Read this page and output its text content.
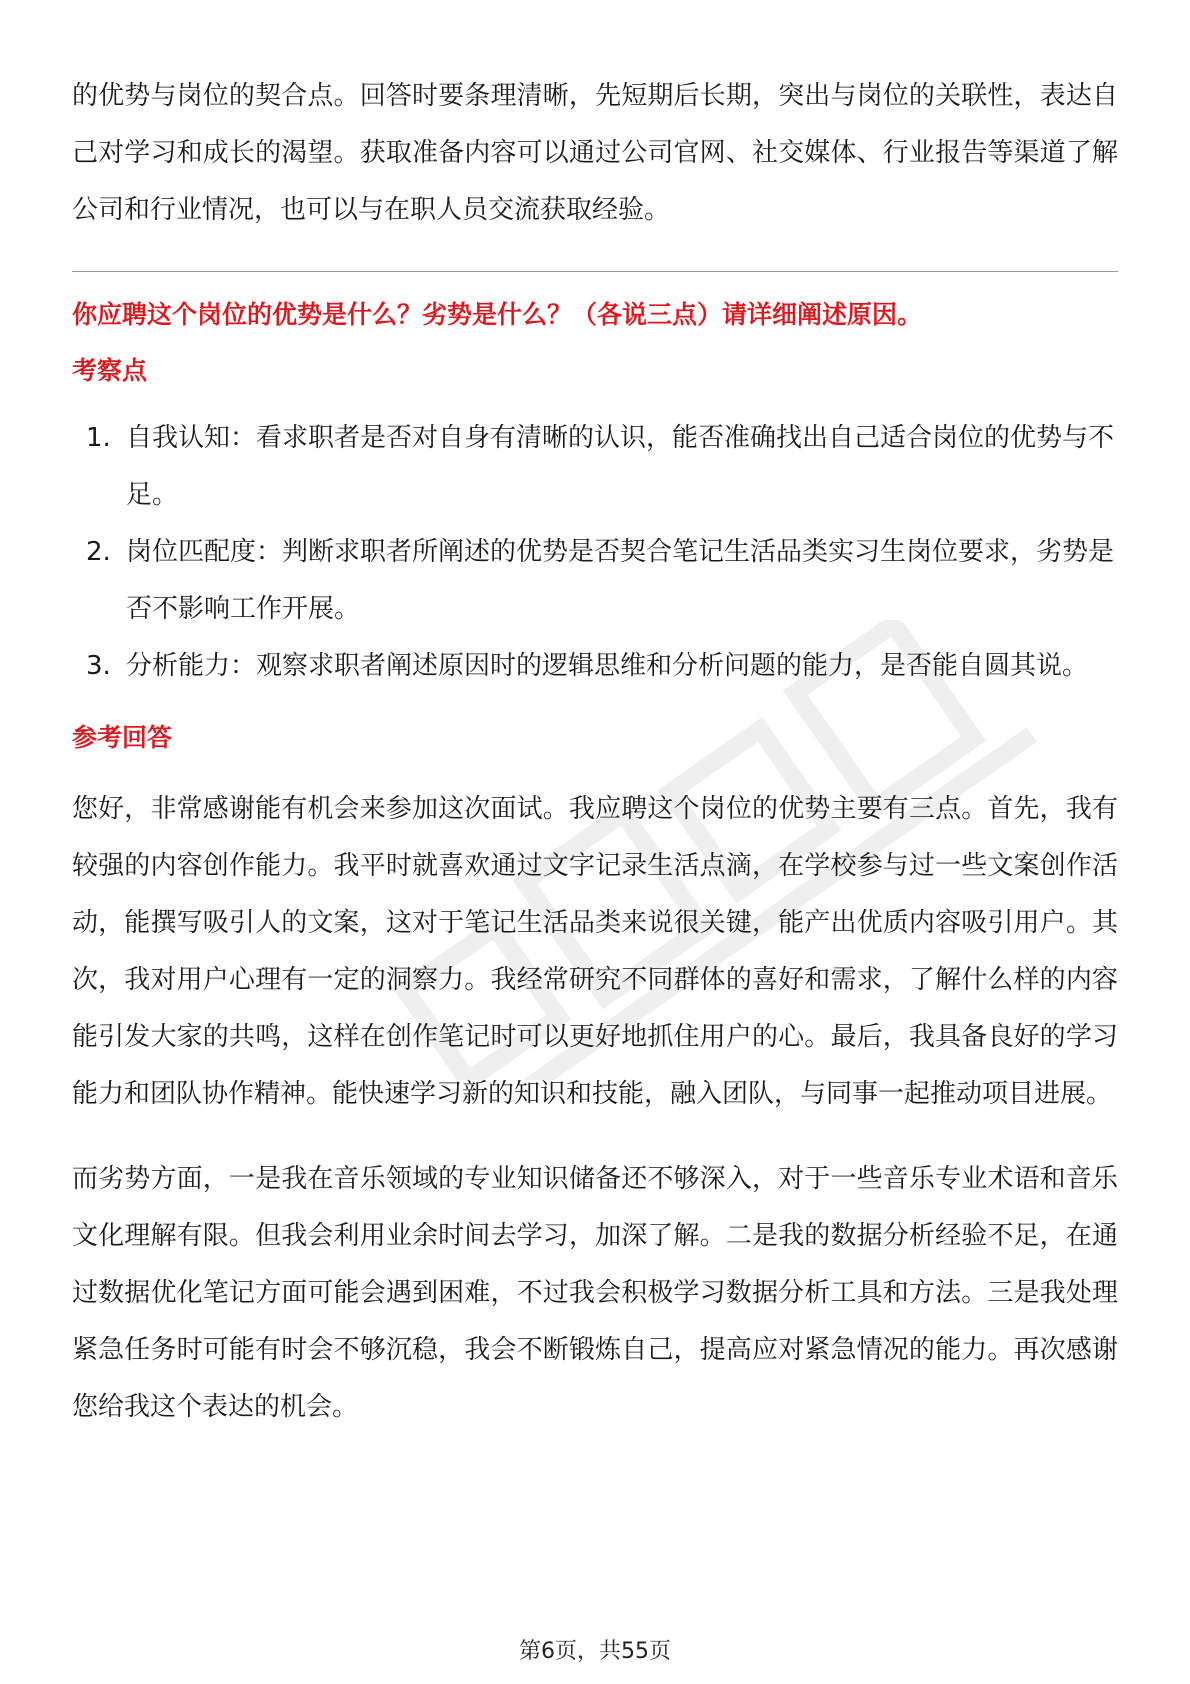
的优势与岗位的契合点。回答时要条理清晰，先短期后长期，突出与岗位的关联性，表达自己对学习和成长的渴望。获取准备内容可以通过公司官网、社交媒体、行业报告等渠道了解公司和行业情况，也可以与在职人员交流获取经验。

你应聘这个岗位的优势是什么？劣势是什么？（各说三点）请详细阐述原因。

考察点

1. 自我认知：看求职者是否对自身有清晰的认识，能否准确找出自己适合岗位的优势与不足。
2. 岗位匹配度：判断求职者所阐述的优势是否契合笔记生活品类实习生岗位要求，劣势是否不影响工作开展。
3. 分析能力：观察求职者阐述原因时的逻辑思维和分析问题的能力，是否能自圆其说。

参考回答

您好，非常感谢能有机会来参加这次面试。我应聘这个岗位的优势主要有三点。首先，我有较强的内容创作能力。我平时就喜欢通过文字记录生活点滴，在学校参与过一些文案创作活动，能撰写吸引人的文案，这对于笔记生活品类来说很关键，能产出优质内容吸引用户。其次，我对用户心理有一定的洞察力。我经常研究不同群体的喜好和需求，了解什么样的内容能引发大家的共鸣，这样在创作笔记时可以更好地抓住用户的心。最后，我具备良好的学习能力和团队协作精神。能快速学习新的知识和技能，融入团队，与同事一起推动项目进展。

而劣势方面，一是我在音乐领域的专业知识储备还不够深入，对于一些音乐专业术语和音乐文化理解有限。但我会利用业余时间去学习，加深了解。二是我的数据分析经验不足，在通过数据优化笔记方面可能会遇到困难，不过我会积极学习数据分析工具和方法。三是我处理紧急任务时可能有时会不够沉稳，我会不断锻炼自己，提高应对紧急情况的能力。再次感谢您给我这个表达的机会。

第6页，共55页
